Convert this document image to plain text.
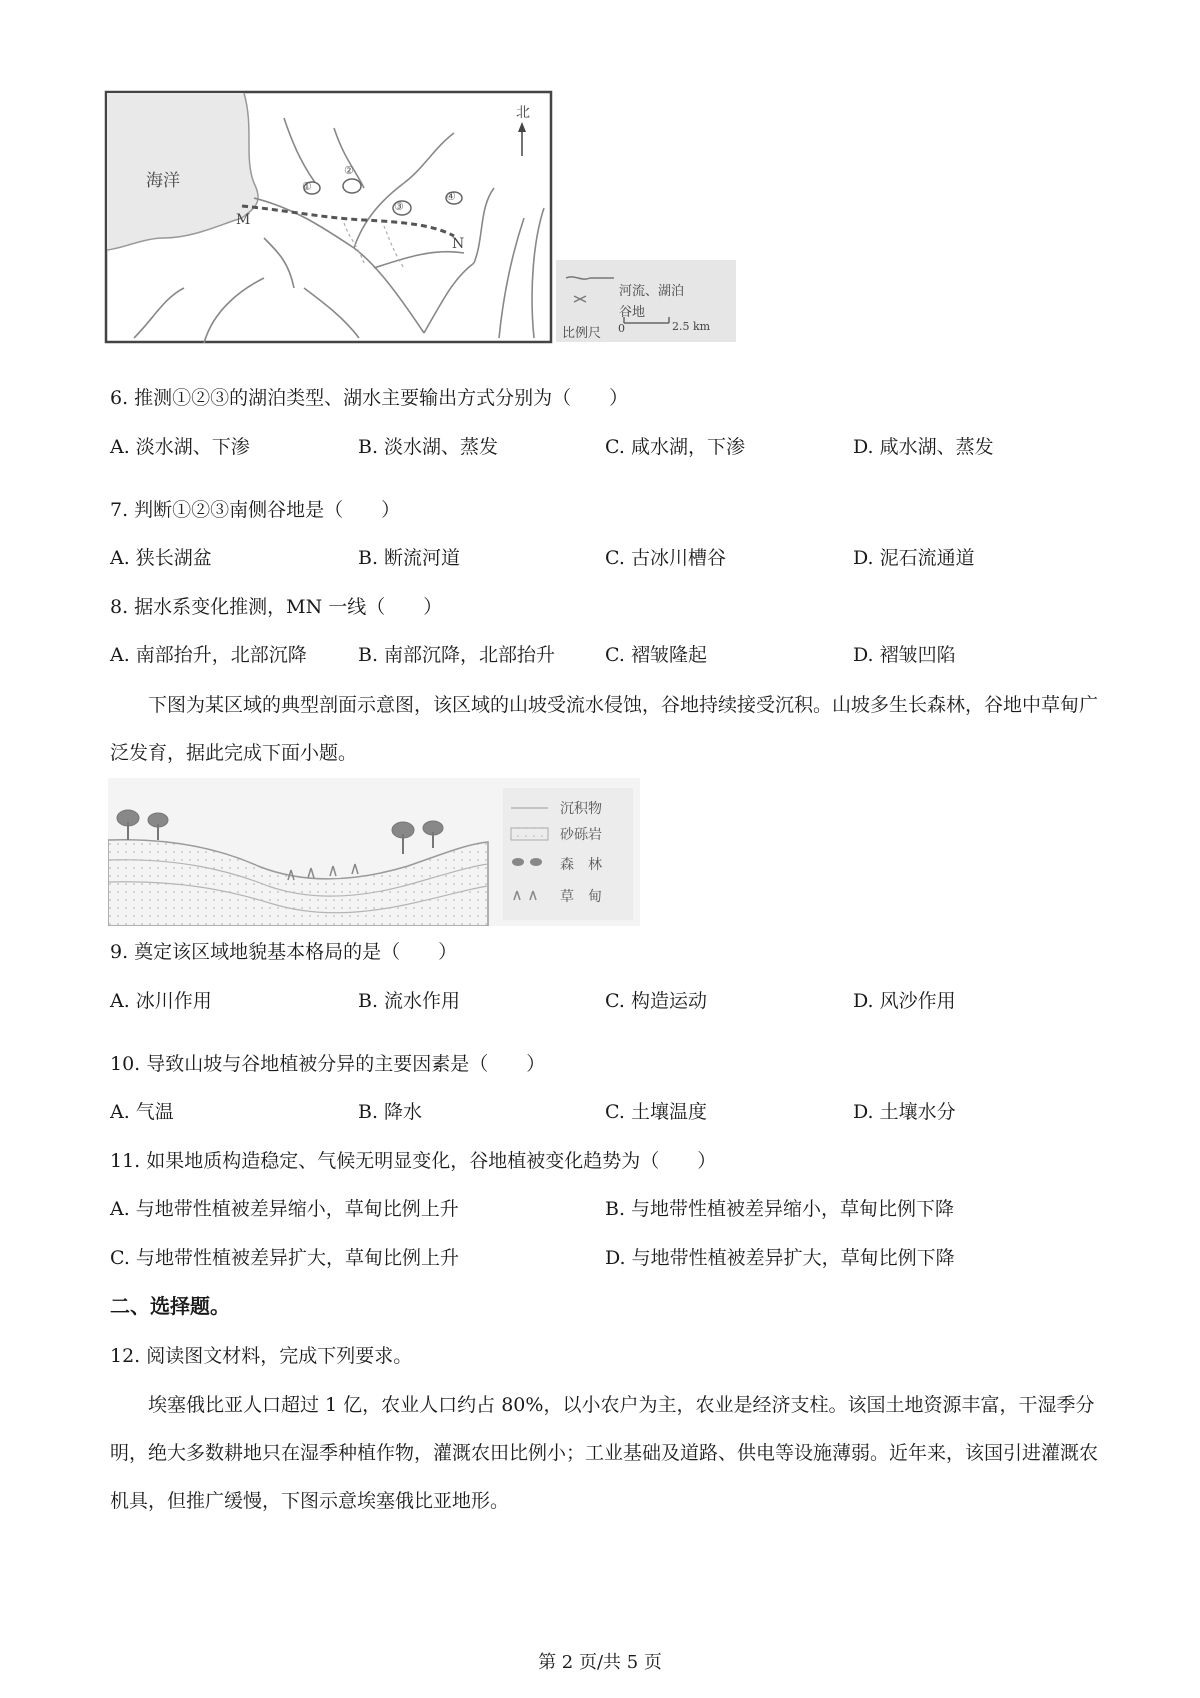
海洋
北
M
N
①
②
③
④
河流、湖泊
谷地
比例尺 0	2.5 km
6. 推测①②③的湖泊类型、湖水主要输出方式分别为（　　）
A. 淡水湖、下渗	B. 淡水湖、蒸发	C. 咸水湖，下渗	D. 咸水湖、蒸发
7. 判断①②③南侧谷地是（　　）
A. 狭长湖盆	B. 断流河道	C. 古冰川槽谷	D. 泥石流通道
8. 据水系变化推测，MN 一线（　　）
A. 南部抬升，北部沉降	B. 南部沉降，北部抬升	C. 褶皱隆起	D. 褶皱凹陷
下图为某区域的典型剖面示意图，该区域的山坡受流水侵蚀，谷地持续接受沉积。山坡多生长森林，谷地中草甸广泛发育，据此完成下面小题。
沉积物
砂砾岩
森　林
草　甸
9. 奠定该区域地貌基本格局的是（　　）
A. 冰川作用	B. 流水作用	C. 构造运动	D. 风沙作用
10. 导致山坡与谷地植被分异的主要因素是（　　）
A. 气温	B. 降水	C. 土壤温度	D. 土壤水分
11. 如果地质构造稳定、气候无明显变化，谷地植被变化趋势为（　　）
A. 与地带性植被差异缩小，草甸比例上升	B. 与地带性植被差异缩小，草甸比例下降
C. 与地带性植被差异扩大，草甸比例上升	D. 与地带性植被差异扩大，草甸比例下降
二、选择题。
12. 阅读图文材料，完成下列要求。
埃塞俄比亚人口超过 1 亿，农业人口约占 80%，以小农户为主，农业是经济支柱。该国土地资源丰富，干湿季分明，绝大多数耕地只在湿季种植作物，灌溉农田比例小；工业基础及道路、供电等设施薄弱。近年来，该国引进灌溉农机具，但推广缓慢，下图示意埃塞俄比亚地形。
第 2 页/共 5 页
